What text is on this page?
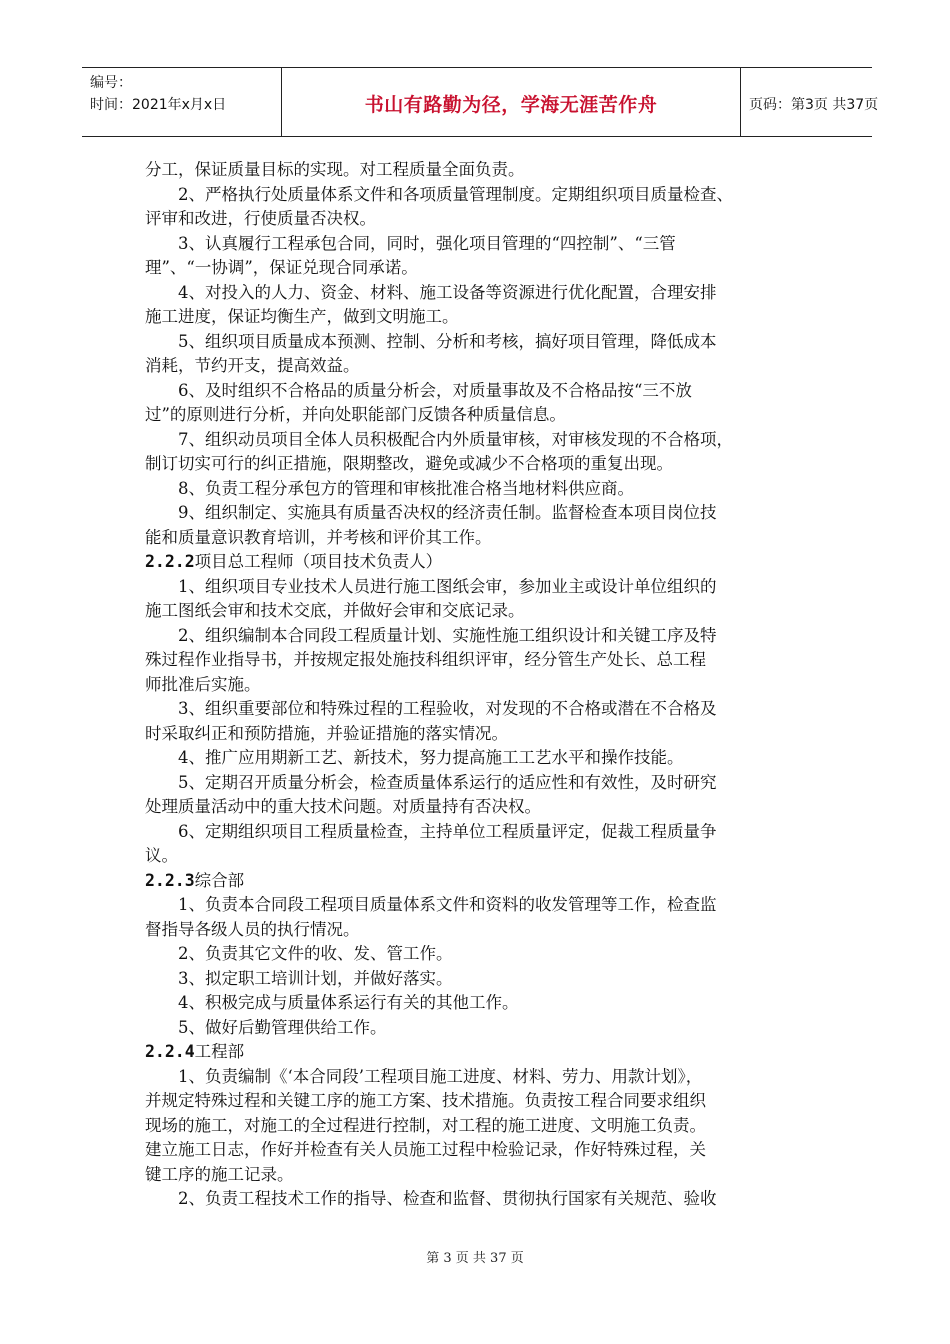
编号：
时间：2021年x月x日	书山有路勤为径，学海无涯苦作舟	页码：第3页 共37页
分工，保证质量目标的实现。对工程质量全面负责。
2、严格执行处质量体系文件和各项质量管理制度。定期组织项目质量检查、
评审和改进，行使质量否决权。
3、认真履行工程承包合同，同时，强化项目管理的“四控制”、“三管
理”、“一协调”，保证兑现合同承诺。
4、对投入的人力、资金、材料、施工设备等资源进行优化配置，合理安排
施工进度，保证均衡生产，做到文明施工。
5、组织项目质量成本预测、控制、分析和考核，搞好项目管理，降低成本
消耗，节约开支，提高效益。
6、及时组织不合格品的质量分析会，对质量事故及不合格品按“三不放
过”的原则进行分析，并向处职能部门反馈各种质量信息。
7、组织动员项目全体人员积极配合内外质量审核，对审核发现的不合格项，
制订切实可行的纠正措施，限期整改，避免或减少不合格项的重复出现。
8、负责工程分承包方的管理和审核批准合格当地材料供应商。
9、组织制定、实施具有质量否决权的经济责任制。监督检查本项目岗位技
能和质量意识教育培训，并考核和评价其工作。
2.2.2项目总工程师（项目技术负责人）
1、组织项目专业技术人员进行施工图纸会审，参加业主或设计单位组织的
施工图纸会审和技术交底，并做好会审和交底记录。
2、组织编制本合同段工程质量计划、实施性施工组织设计和关键工序及特
殊过程作业指导书，并按规定报处施技科组织评审，经分管生产处长、总工程
师批准后实施。
3、组织重要部位和特殊过程的工程验收，对发现的不合格或潜在不合格及
时采取纠正和预防措施，并验证措施的落实情况。
4、推广应用期新工艺、新技术，努力提高施工工艺水平和操作技能。
5、定期召开质量分析会，检查质量体系运行的适应性和有效性，及时研究
处理质量活动中的重大技术问题。对质量持有否决权。
6、定期组织项目工程质量检查，主持单位工程质量评定，促裁工程质量争
议。
2.2.3综合部
1、负责本合同段工程项目质量体系文件和资料的收发管理等工作，检查监
督指导各级人员的执行情况。
2、负责其它文件的收、发、管工作。
3、拟定职工培训计划，并做好落实。
4、积极完成与质量体系运行有关的其他工作。
5、做好后勤管理供给工作。
2.2.4工程部
1、负责编制《‘本合同段’工程项目施工进度、材料、劳力、用款计划》，
并规定特殊过程和关键工序的施工方案、技术措施。负责按工程合同要求组织
现场的施工，对施工的全过程进行控制，对工程的施工进度、文明施工负责。
建立施工日志，作好并检查有关人员施工过程中检验记录，作好特殊过程，关
键工序的施工记录。
2、负责工程技术工作的指导、检查和监督、贯彻执行国家有关规范、验收
第 3 页 共 37 页
